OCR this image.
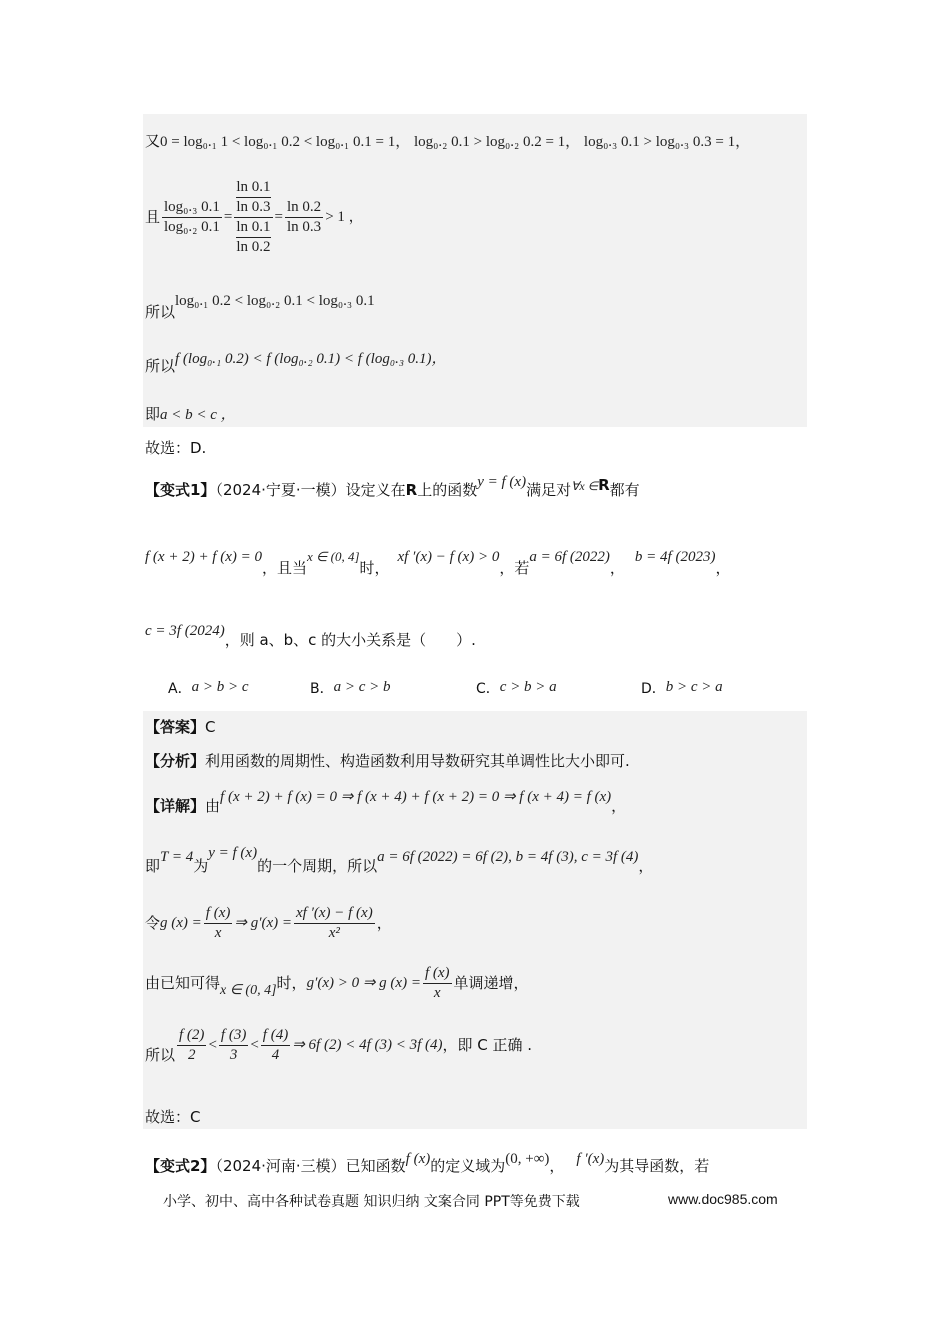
又0 = log₀.₁ 1 < log₀.₁ 0.2 < log₀.₁ 0.1 = 1， log₀.₂ 0.1 > log₀.₂ 0.2 = 1， log₀.₃ 0.1 > log₀.₃ 0.3 = 1，
且 $\frac{\text{log₀.₃ 0.1}}{\text{log₀.₂ 0.1}} = \frac{\frac{\ln 0.1}{\ln 0.3}}{\frac{\ln 0.1}{\ln 0.2}} = \frac{\ln 0.2}{\ln 0.3} > 1$ ，
所以log₀.₁ 0.2 < log₀.₂ 0.1 < log₀.₃ 0.1
所以f (log₀.₁ 0.2) < f (log₀.₂ 0.1) < f (log₀.₃ 0.1)，
即a < b < c ，
故选：D.
【变式1】（2024·宁夏·一模）设定义在R上的函数y = f (x)满足对$^{\forall x \in}$R都有
f (x + 2) + f (x) = 0，且当x ∈ (0, 4]时，xf ′(x) − f (x) > 0，若a = 6f (2022)，b = 4f (2023)，
c = 3f (2024)，则 a、b、c 的大小关系是（　　）.
A．a > b > c	B．a > c > b	C．c > b > a	D．b > c > a
【答案】C
【分析】利用函数的周期性、构造函数利用导数研究其单调性比大小即可.
【详解】由f (x + 2) + f (x) = 0 ⇒ f (x + 4) + f (x + 2) = 0 ⇒ f (x + 4) = f (x)，
即T = 4为y = f (x)的一个周期，所以a = 6f (2022) = 6f (2), b = 4f (3), c = 3f (4)，
令 g $(x) = \frac{f (x)}{x}$ ⇒ $g'(x) = \frac{xf '(x) - f (x)}{\text{x²}}$ ，
由已知可得 x ∈ (0, 4] 时， g′(x) > 0 ⇒ g $(x) = \frac{f (x)}{x}$ 单调递增，
所以 $\frac{f (2)}{2} < \frac{f (3)}{3} < \frac{f (4)}{4}$ ⇒ 6f (2) < 4f (3) < 3f (4) ，即 C 正确 .
故选：C
【变式2】（2024·河南·三模）已知函数f (x)的定义域为(0, +∞)， f ′(x)为其导函数，若
小学、初中、高中各种试卷真题 知识归纳 文案合同 PPT等免费下载	www.doc985.com
